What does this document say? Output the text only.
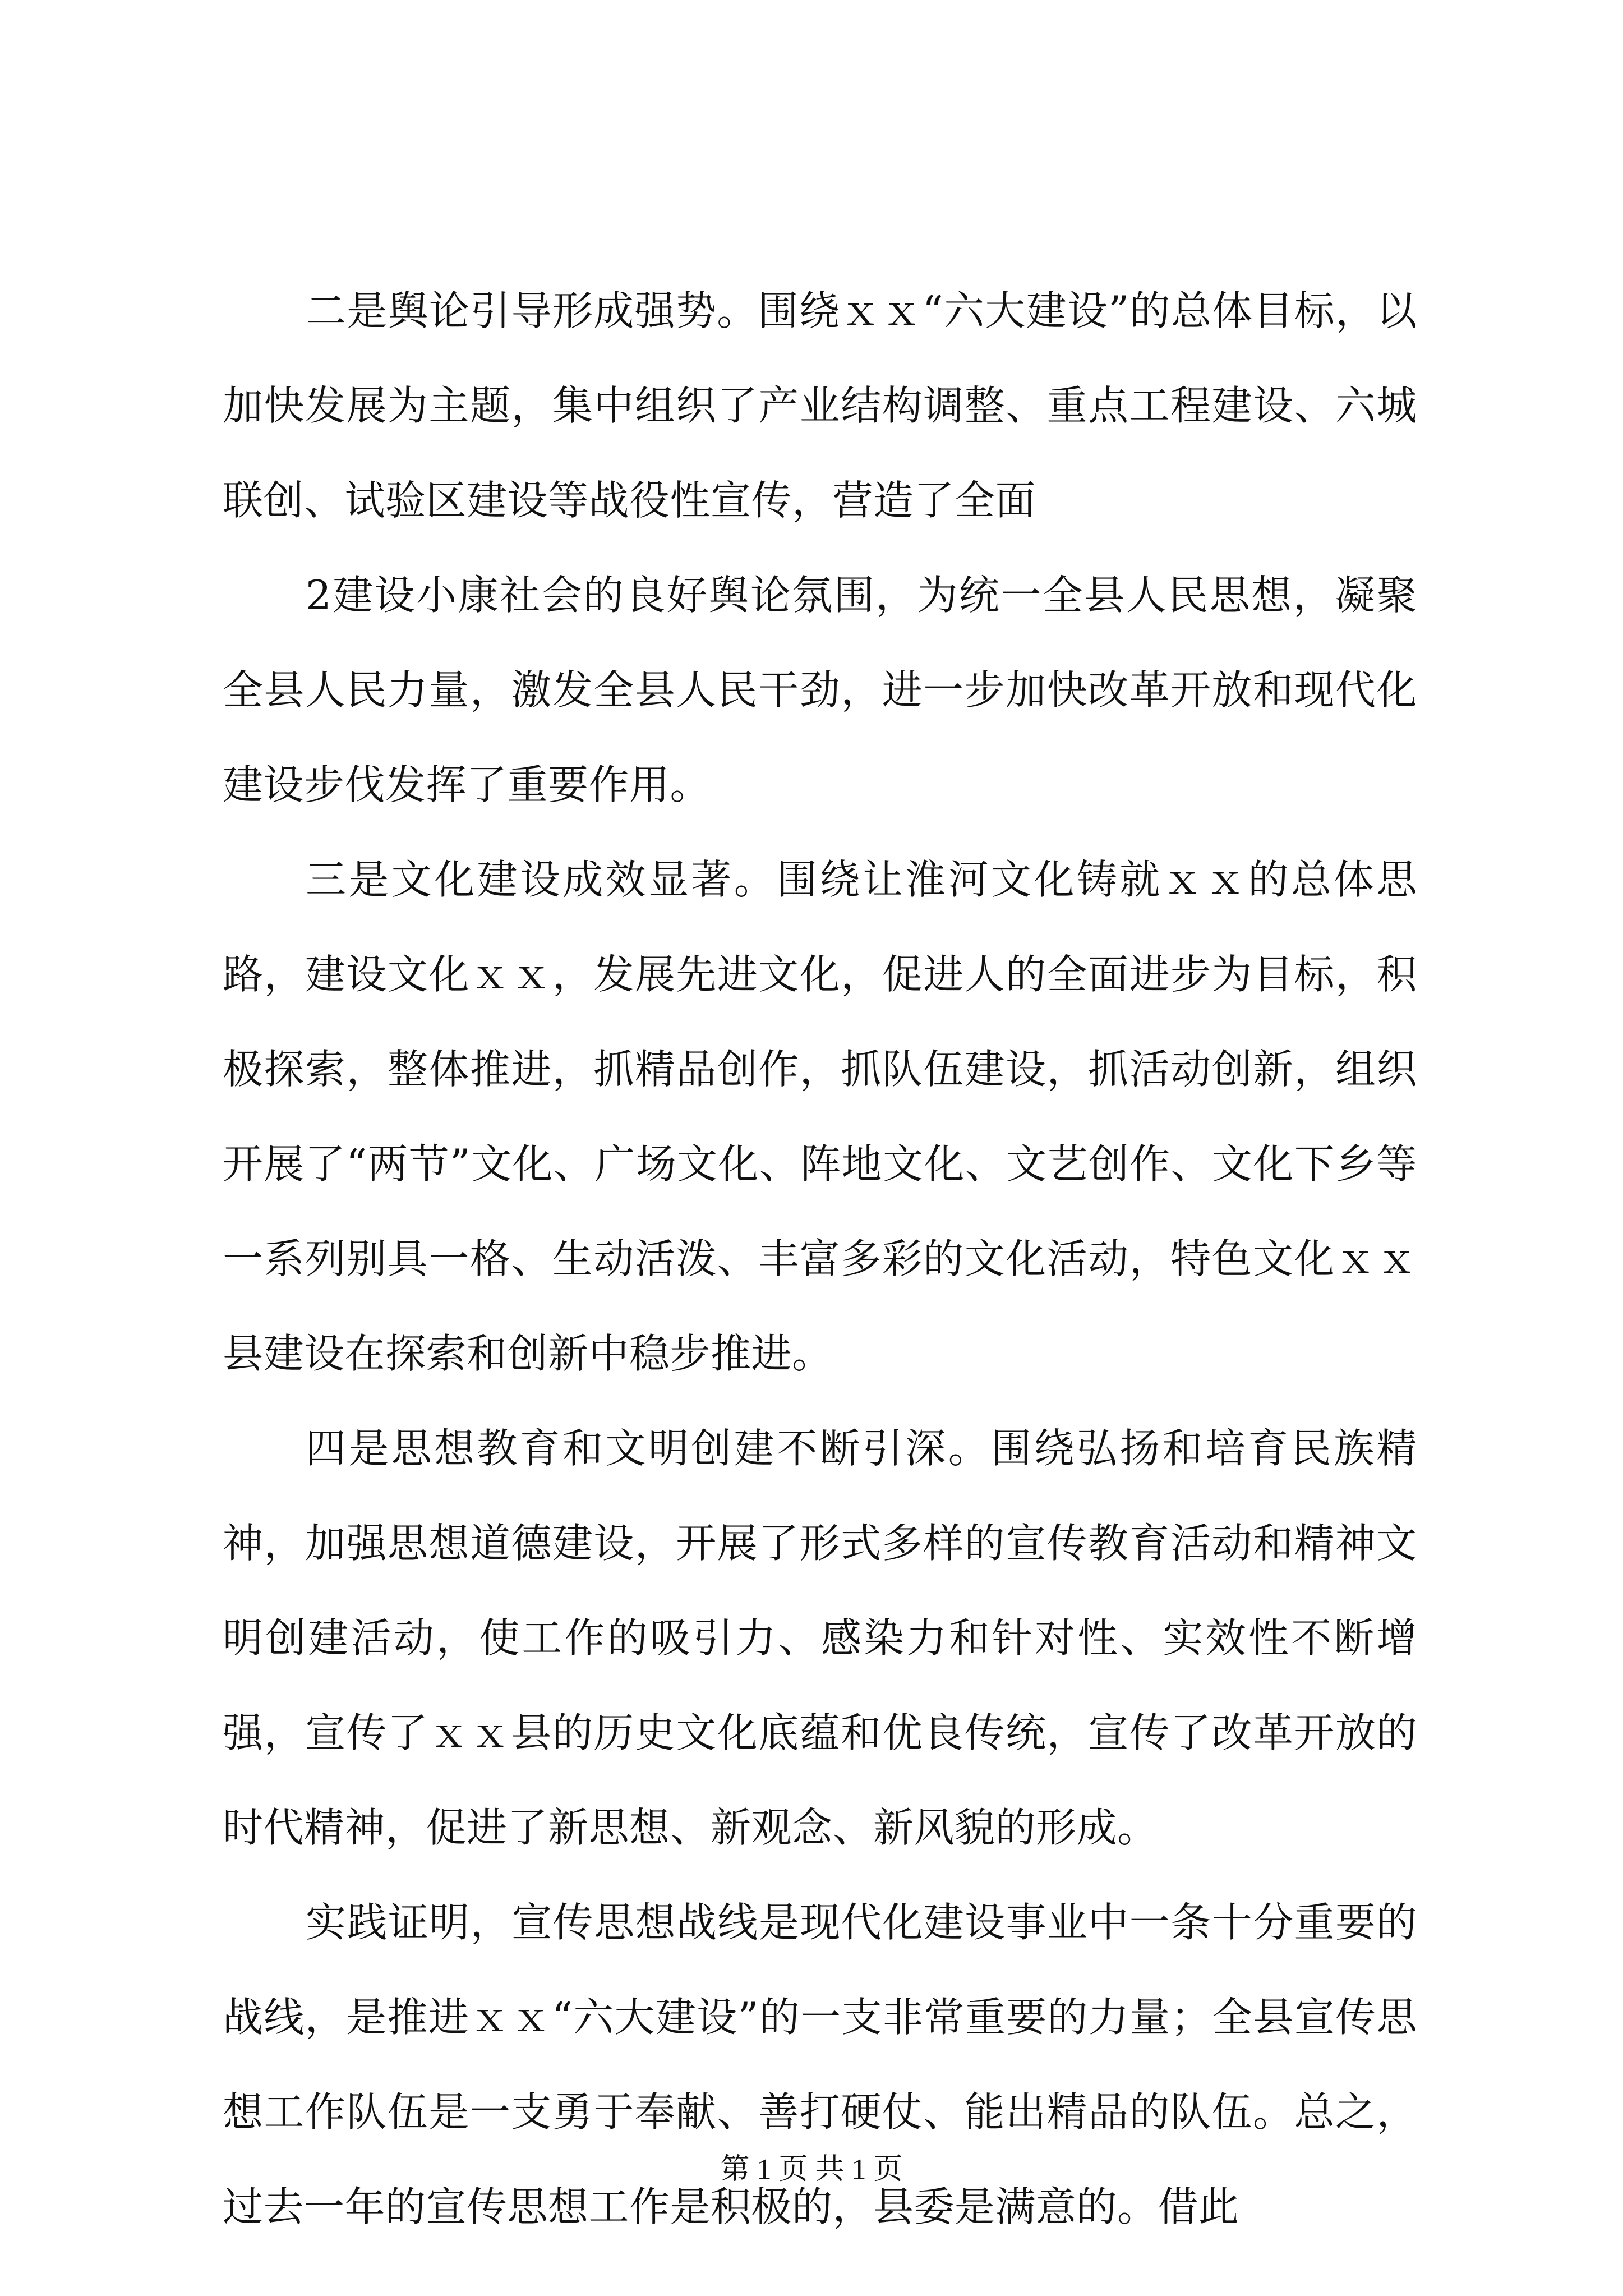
二是舆论引导形成强势。围绕ｘｘ“六大建设”的总体目标，以加快发展为主题，集中组织了产业结构调整、重点工程建设、六城联创、试验区建设等战役性宣传，营造了全面

2建设小康社会的良好舆论氛围，为统一全县人民思想，凝聚全县人民力量，激发全县人民干劲，进一步加快改革开放和现代化建设步伐发挥了重要作用。

三是文化建设成效显著。围绕让淮河文化铸就ｘｘ的总体思路，建设文化ｘｘ，发展先进文化，促进人的全面进步为目标，积极探索，整体推进，抓精品创作，抓队伍建设，抓活动创新，组织开展了“两节”文化、广场文化、阵地文化、文艺创作、文化下乡等一系列别具一格、生动活泼、丰富多彩的文化活动，特色文化ｘｘ县建设在探索和创新中稳步推进。

四是思想教育和文明创建不断引深。围绕弘扬和培育民族精神，加强思想道德建设，开展了形式多样的宣传教育活动和精神文明创建活动，使工作的吸引力、感染力和针对性、实效性不断增强，宣传了ｘｘ县的历史文化底蕴和优良传统，宣传了改革开放的时代精神，促进了新思想、新观念、新风貌的形成。

实践证明，宣传思想战线是现代化建设事业中一条十分重要的战线，是推进ｘｘ“六大建设”的一支非常重要的力量；全县宣传思想工作队伍是一支勇于奉献、善打硬仗、能出精品的队伍。总之，过去一年的宣传思想工作是积极的，县委是满意的。借此

第 1 页 共 1 页
